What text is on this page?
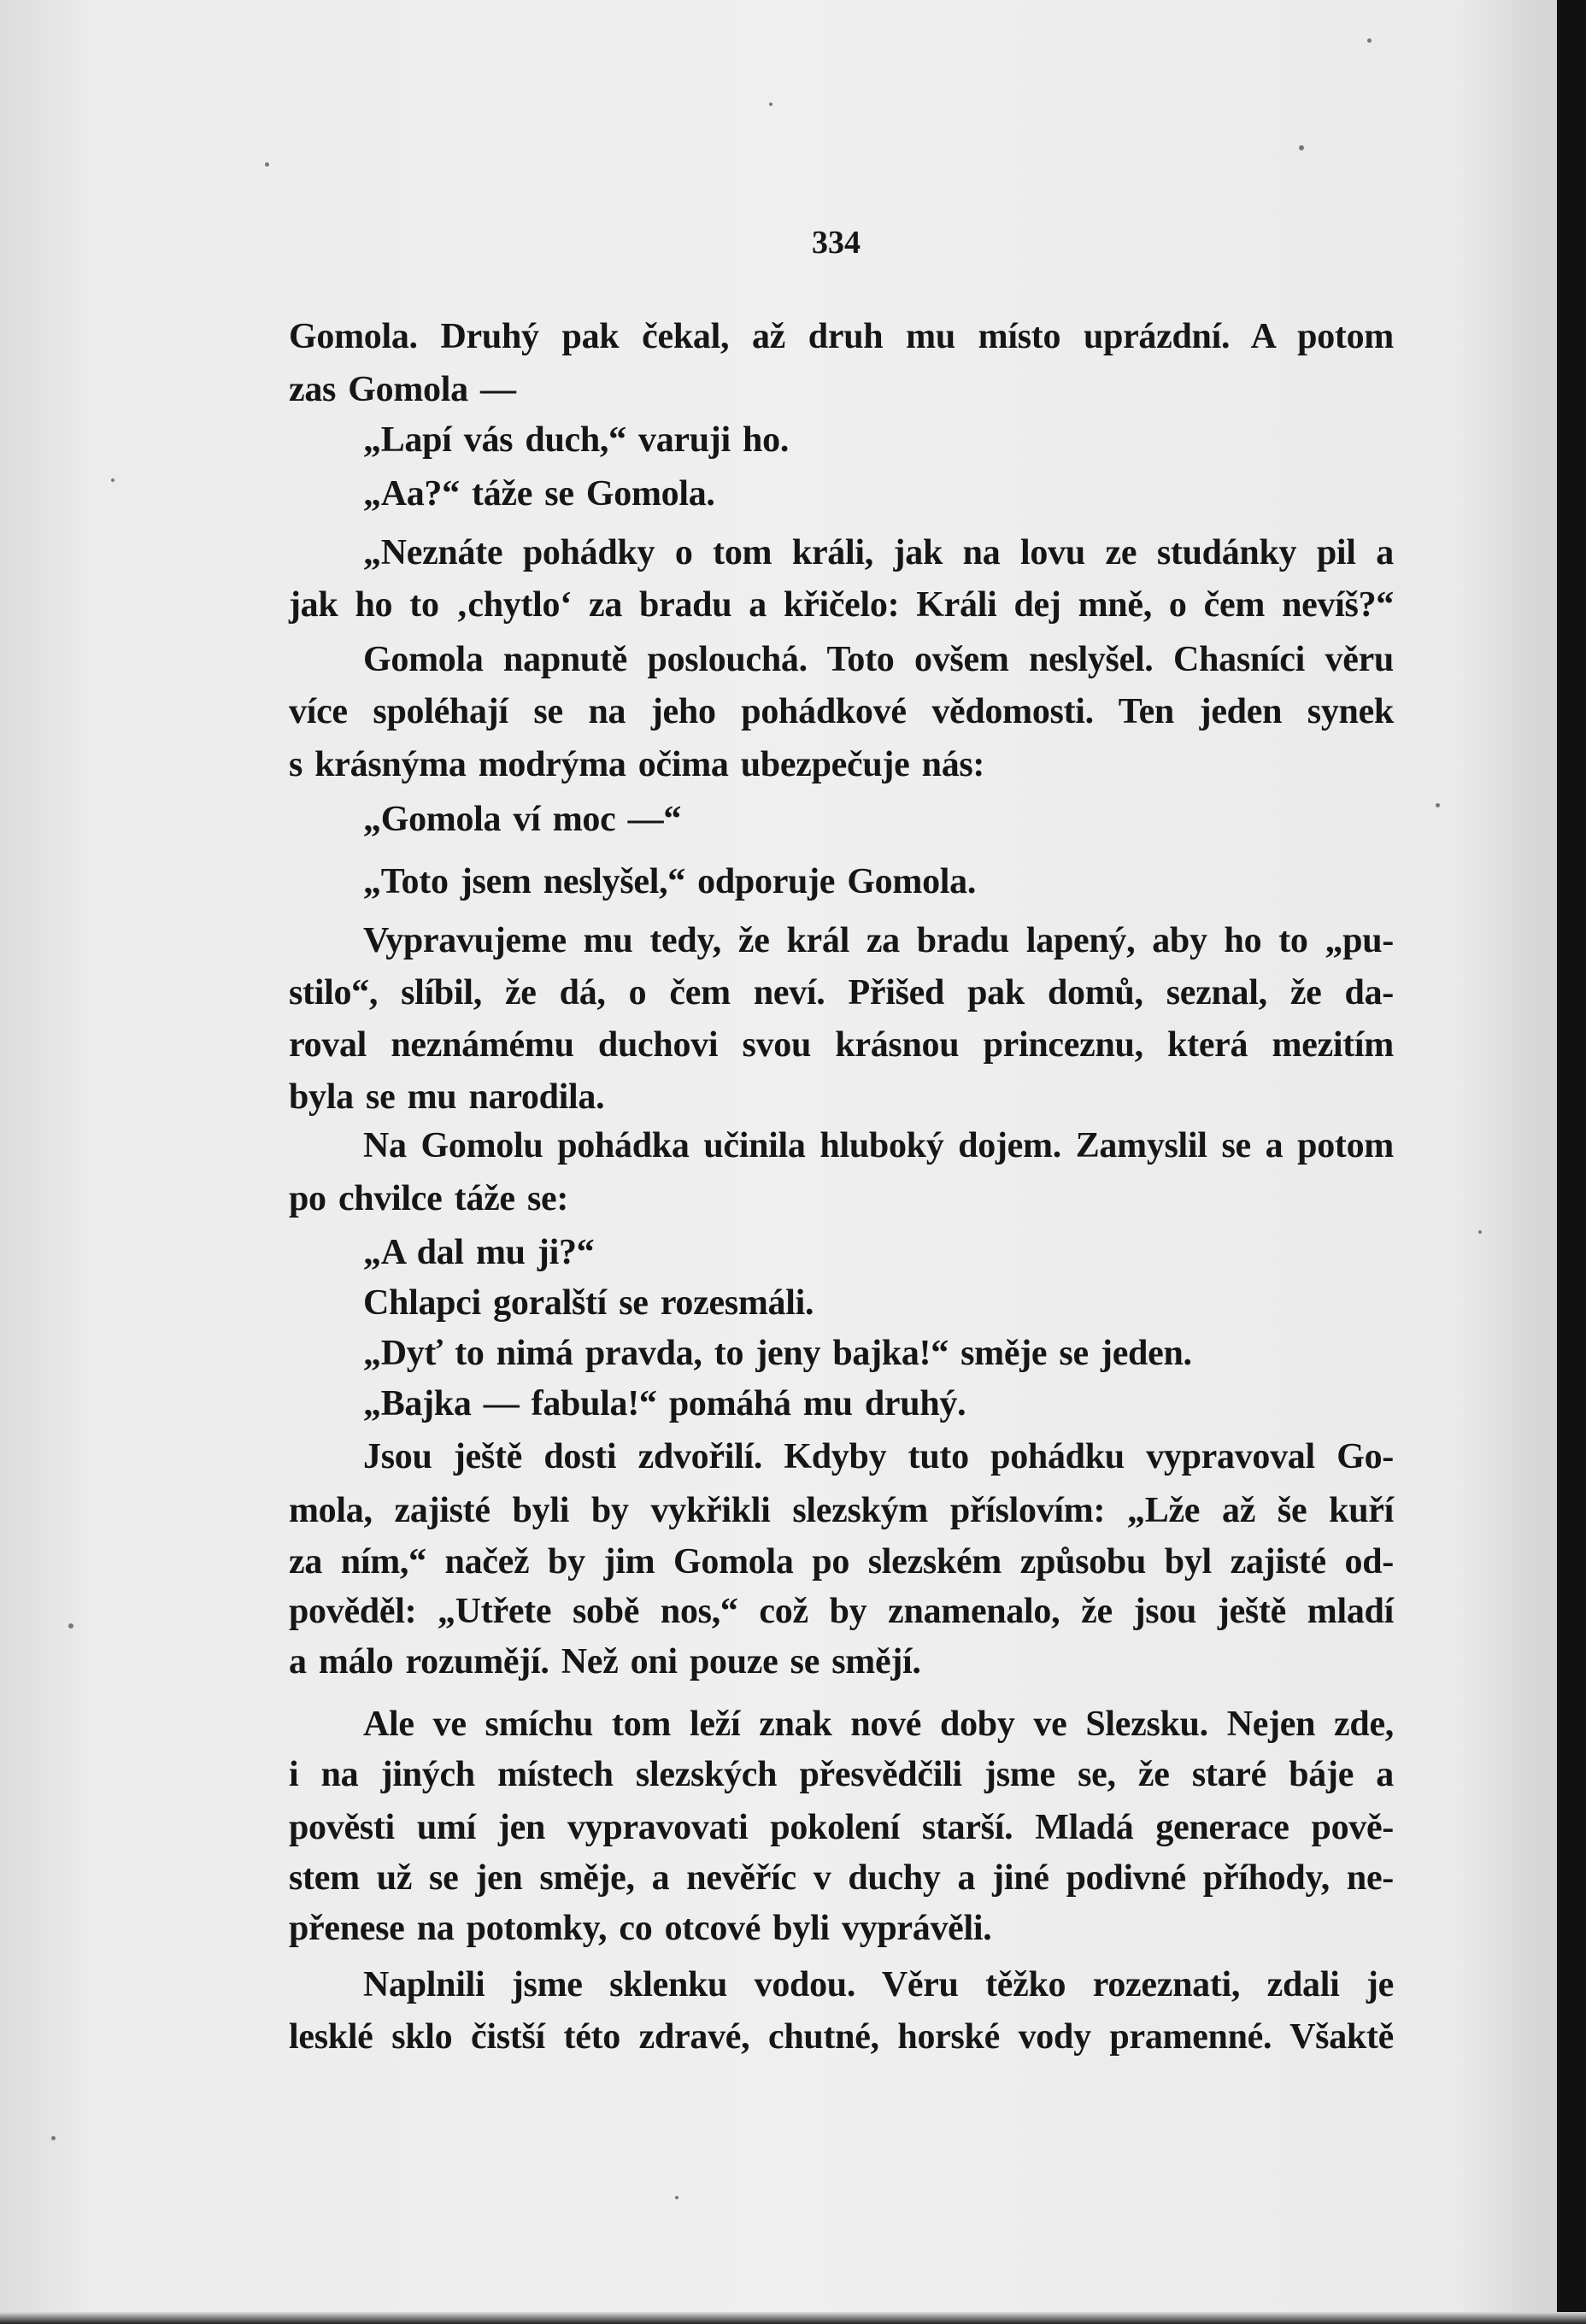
334
Gomola. Druhý pak čekal, až druh mu místo uprázdní. A potom
zas Gomola —
„Lapí vás duch,“ varuji ho.
„Aa?“ táže se Gomola.
„Neznáte pohádky o tom králi, jak na lovu ze studánky pil a
jak ho to ‚chytlo‘ za bradu a křičelo: Králi dej mně, o čem nevíš?“
Gomola napnutě poslouchá. Toto ovšem neslyšel. Chasníci věru
více spoléhají se na jeho pohádkové vědomosti. Ten jeden synek
s krásnýma modrýma očima ubezpečuje nás:
„Gomola ví moc —“
„Toto jsem neslyšel,“ odporuje Gomola.
Vypravujeme mu tedy, že král za bradu lapený, aby ho to „pu-
stilo“, slíbil, že dá, o čem neví. Přišed pak domů, seznal, že da-
roval neznámému duchovi svou krásnou princeznu, která mezitím
byla se mu narodila.
Na Gomolu pohádka učinila hluboký dojem. Zamyslil se a potom
po chvilce táže se:
„A dal mu ji?“
Chlapci goralští se rozesmáli.
„Dyť to nimá pravda, to jeny bajka!“ směje se jeden.
„Bajka — fabula!“ pomáhá mu druhý.
Jsou ještě dosti zdvořilí. Kdyby tuto pohádku vypravoval Go-
mola, zajisté byli by vykřikli slezským příslovím: „Lže až še kuří
za ním,“ načež by jim Gomola po slezském způsobu byl zajisté od-
pověděl: „Utřete sobě nos,“ což by znamenalo, že jsou ještě mladí
a málo rozumějí. Než oni pouze se smějí.
Ale ve smíchu tom leží znak nové doby ve Slezsku. Nejen zde,
i na jiných místech slezských přesvědčili jsme se, že staré báje a
pověsti umí jen vypravovati pokolení starší. Mladá generace pově-
stem už se jen směje, a nevěříc v duchy a jiné podivné příhody, ne-
přenese na potomky, co otcové byli vyprávěli.
Naplnili jsme sklenku vodou. Věru těžko rozeznati, zdali je
lesklé sklo čistší této zdravé, chutné, horské vody pramenné. Všaktě
